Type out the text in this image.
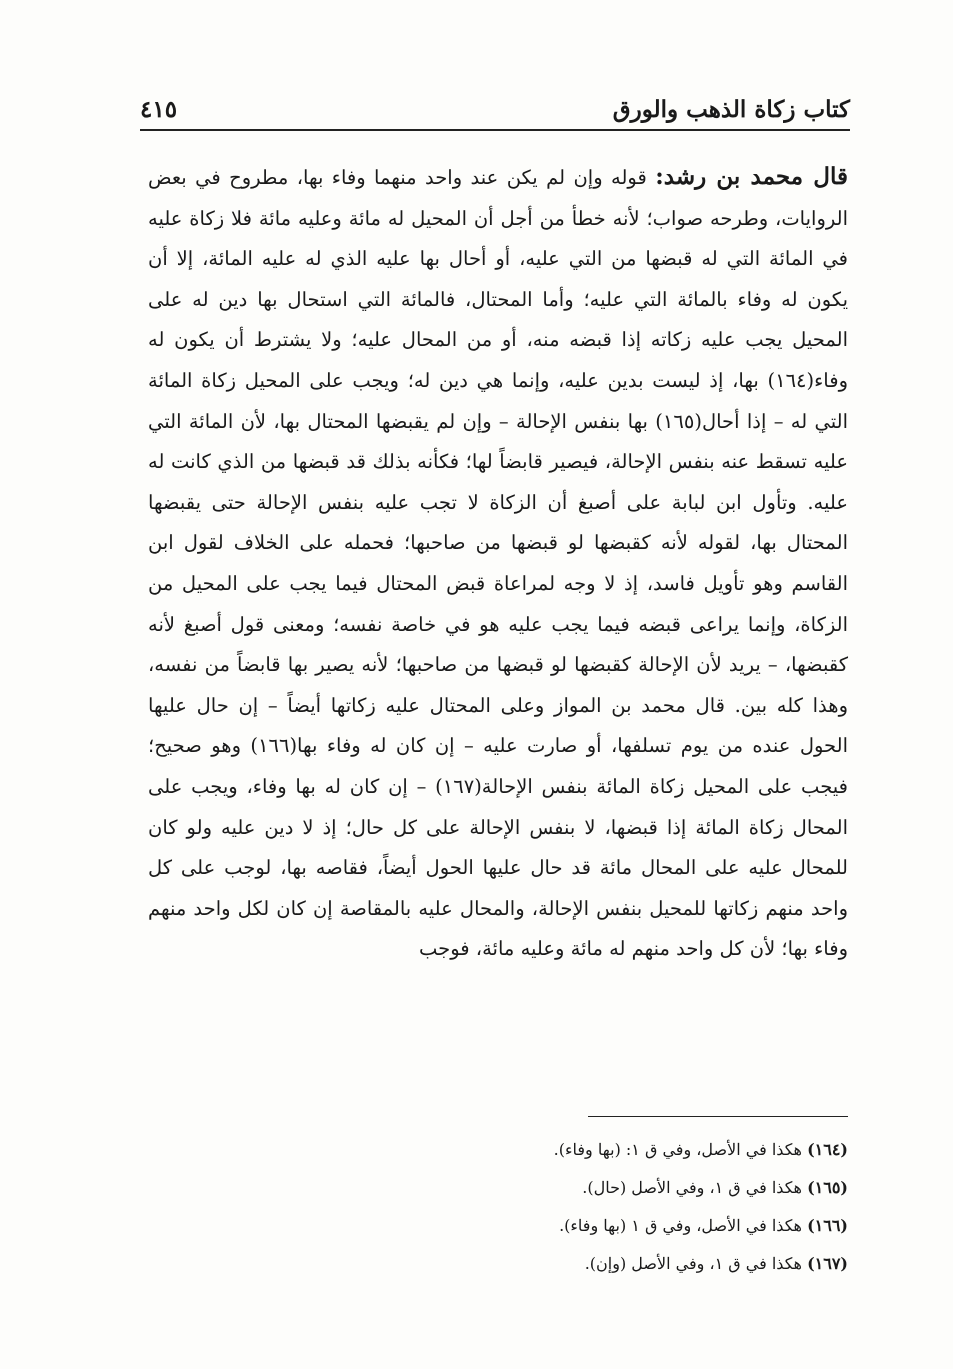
كتاب زكاة الذهب والورق
٤١٥
قال محمد بن رشد: قوله وإن لم يكن عند واحد منهما وفاء بها، مطروح في بعض الروايات، وطرحه صواب؛ لأنه خطأ من أجل أن المحيل له مائة وعليه مائة فلا زكاة عليه في المائة التي له قبضها من التي عليه، أو أحال بها عليه الذي له عليه المائة، إلا أن يكون له وفاء بالمائة التي عليه؛ وأما المحتال، فالمائة التي استحال بها دين له على المحيل يجب عليه زكاته إذا قبضه منه، أو من المحال عليه؛ ولا يشترط أن يكون له وفاء(١٦٤) بها، إذ ليست بدين عليه، وإنما هي دين له؛ ويجب على المحيل زكاة المائة التي له – إذا أحال(١٦٥) بها بنفس الإحالة – وإن لم يقبضها المحتال بها، لأن المائة التي عليه تسقط عنه بنفس الإحالة، فيصير قابضاً لها؛ فكأنه بذلك قد قبضها من الذي كانت له عليه. وتأول ابن لبابة على أصبغ أن الزكاة لا تجب عليه بنفس الإحالة حتى يقبضها المحتال بها، لقوله لأنه كقبضها لو قبضها من صاحبها؛ فحمله على الخلاف لقول ابن القاسم وهو تأويل فاسد، إذ لا وجه لمراعاة قبض المحتال فيما يجب على المحيل من الزكاة، وإنما يراعى قبضه فيما يجب عليه هو في خاصة نفسه؛ ومعنى قول أصبغ لأنه كقبضها، – يريد لأن الإحالة كقبضها لو قبضها من صاحبها؛ لأنه يصير بها قابضاً من نفسه، وهذا كله بين. قال محمد بن المواز وعلى المحتال عليه زكاتها أيضاً – إن حال عليها الحول عنده من يوم تسلفها، أو صارت عليه – إن كان له وفاء بها(١٦٦) وهو صحيح؛ فيجب على المحيل زكاة المائة بنفس الإحالة(١٦٧) – إن كان له بها وفاء، ويجب على المحال زكاة المائة إذا قبضها، لا بنفس الإحالة على كل حال؛ إذ لا دين عليه ولو كان للمحال عليه على المحال مائة قد حال عليها الحول أيضاً، فقاصه بها، لوجب على كل واحد منهم زكاتها للمحيل بنفس الإحالة، والمحال عليه بالمقاصة إن كان لكل واحد منهم وفاء بها؛ لأن كل واحد منهم له مائة وعليه مائة، فوجب
(١٦٤) هكذا في الأصل، وفي ق ١: (بها وفاء).
(١٦٥) هكذا في ق ١، وفي الأصل (حال).
(١٦٦) هكذا في الأصل، وفي ق ١ (بها وفاء).
(١٦٧) هكذا في ق ١، وفي الأصل (وإن).
